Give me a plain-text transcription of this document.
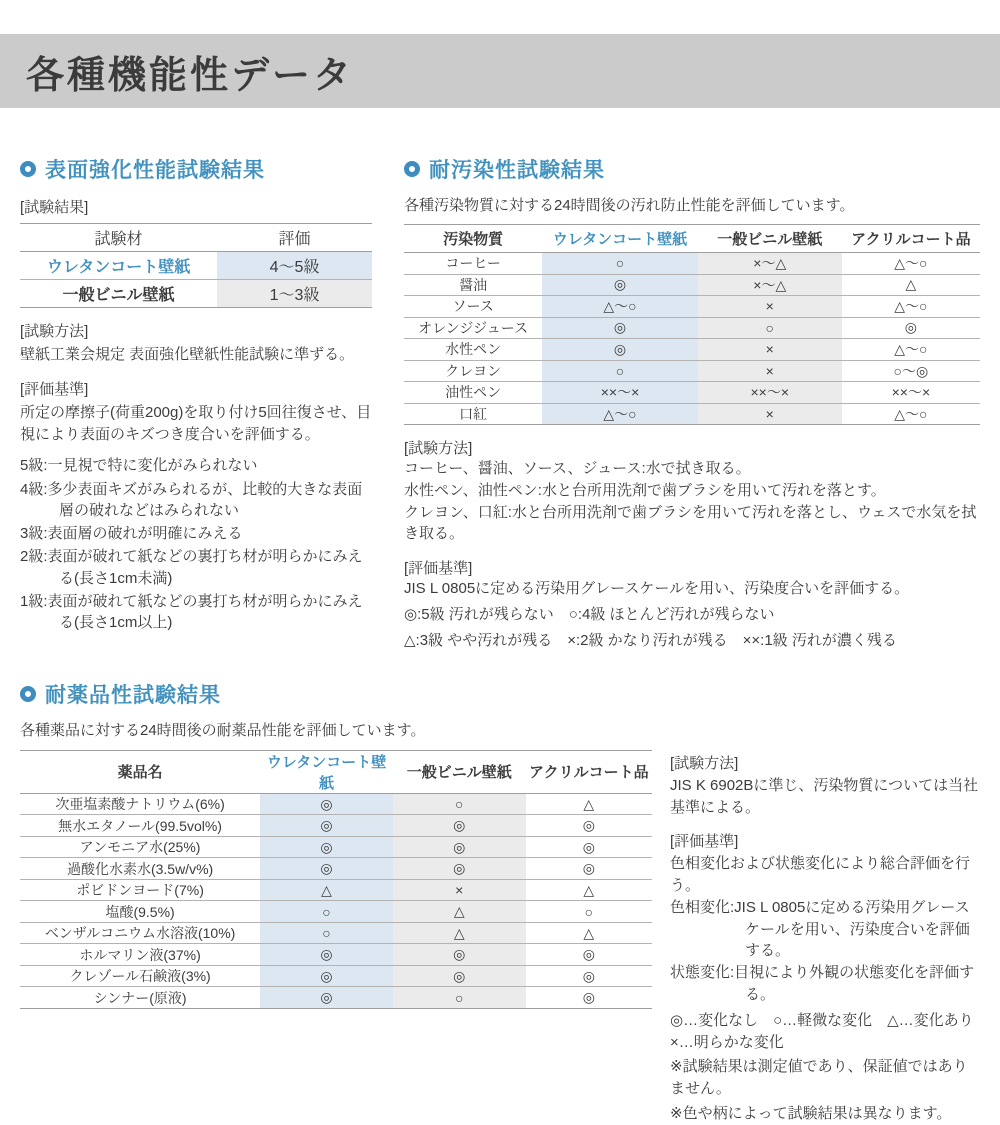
各種機能性データ
表面強化性能試験結果
[試験結果]
試験材	評価
ウレタンコート壁紙	4〜5級
一般ビニル壁紙	1〜3級
[試験方法]

壁紙工業会規定 表面強化壁紙性能試験に準ずる。

[評価基準]

所定の摩擦子(荷重200g)を取り付け5回往復させ、目視により表面のキズつき度合いを評価する。

5級:一見視で特に変化がみられない

4級:多少表面キズがみられるが、比較的大きな表面層の破れなどはみられない

3級:表面層の破れが明確にみえる

2級:表面が破れて紙などの裏打ち材が明らかにみえる(長さ1cm未満)

1級:表面が破れて紙などの裏打ち材が明らかにみえる(長さ1cm以上)

耐汚染性試験結果

各種汚染物質に対する24時間後の汚れ防止性能を評価しています。

汚染物質	ウレタンコート壁紙	一般ビニル壁紙	アクリルコート品
コーヒー	○	×〜△	△〜○
醤油	◎	×〜△	△
ソース	△〜○	×	△〜○
オレンジジュース	◎	○	◎
水性ペン	◎	×	△〜○
クレヨン	○	×	○〜◎
油性ペン	××〜×	××〜×	××〜×
口紅	△〜○	×	△〜○
[試験方法]

コーヒー、醤油、ソース、ジュース:水で拭き取る。

水性ペン、油性ペン:水と台所用洗剤で歯ブラシを用いて汚れを落とす。

クレヨン、口紅:水と台所用洗剤で歯ブラシを用いて汚れを落とし、ウェスで水気を拭き取る。

[評価基準]

JIS L 0805に定める汚染用グレースケールを用い、汚染度合いを評価する。

◎:5級 汚れが残らない　○:4級 ほとんど汚れが残らない

△:3級 やや汚れが残る　×:2級 かなり汚れが残る　××:1級 汚れが濃く残る

耐薬品性試験結果

各種薬品に対する24時間後の耐薬品性能を評価しています。

薬品名	ウレタンコート壁紙	一般ビニル壁紙	アクリルコート品
次亜塩素酸ナトリウム(6%)	◎	○	△
無水エタノール(99.5vol%)	◎	◎	◎
アンモニア水(25%)	◎	◎	◎
過酸化水素水(3.5w/v%)	◎	◎	◎
ポビドンヨード(7%)	△	×	△
塩酸(9.5%)	○	△	○
ベンザルコニウム水溶液(10%)	○	△	△
ホルマリン液(37%)	◎	◎	◎
クレゾール石鹸液(3%)	◎	◎	◎
シンナー(原液)	◎	○	◎
[試験方法]

JIS K 6902Bに準じ、汚染物質については当社基準による。

[評価基準]

色相変化および状態変化により総合評価を行う。

色相変化:JIS L 0805に定める汚染用グレースケールを用い、汚染度合いを評価する。

状態変化:目視により外観の状態変化を評価する。

◎…変化なし　○…軽微な変化　△…変化あり

×…明らかな変化

※試験結果は測定値であり、保証値ではありません。

※色や柄によって試験結果は異なります。
